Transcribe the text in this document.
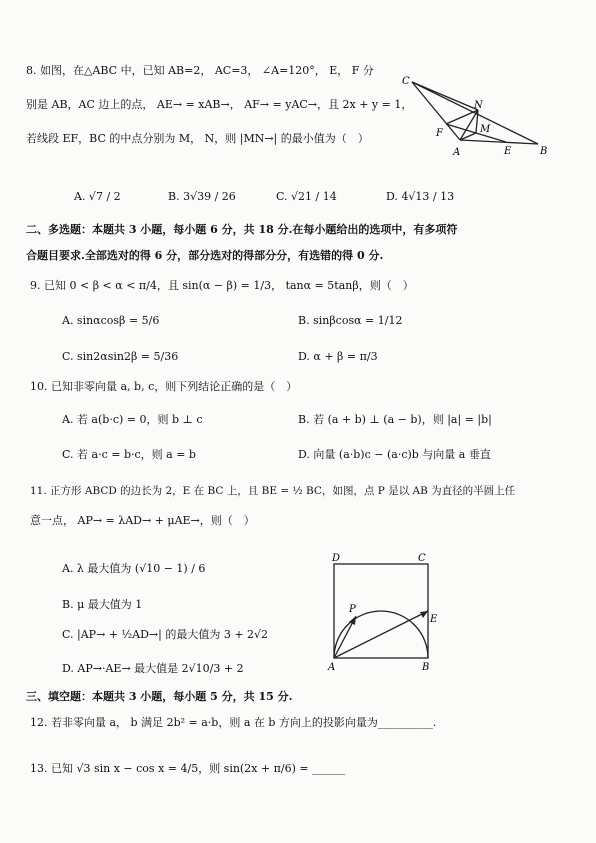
8. 如图，在△ABC 中，已知 AB=2， AC=3， ∠A=120°， E， F 分
别是 AB，AC 边上的点， AE→ = xAB→， AF→ = yAC→，且 2x + y = 1，
若线段 EF，BC 的中点分别为 M， N，则 |MN→| 的最小值为（　）
C
N
M
F
A	E	B
A. √7 / 2	B. 3√39 / 26	C. √21 / 14	D. 4√13 / 13
二、多选题：本题共 3 小题，每小题 6 分，共 18 分.在每小题给出的选项中，有多项符
合题目要求.全部选对的得 6 分，部分选对的得部分分，有选错的得 0 分.
9. 已知 0 < β < α < π/4，且 sin(α − β) = 1/3， tanα = 5tanβ，则（　）
A. sinαcosβ = 5/6	B. sinβcosα = 1/12
C. sin2αsin2β = 5/36	D. α + β = π/3
10. 已知非零向量 a, b, c，则下列结论正确的是（　）
A. 若 a(b·c) = 0，则 b ⊥ c	B. 若 (a + b) ⊥ (a − b)，则 |a| = |b|
C. 若 a·c = b·c，则 a = b	D. 向量 (a·b)c − (a·c)b 与向量 a 垂直
11. 正方形 ABCD 的边长为 2，E 在 BC 上，且 BE = ½ BC，如图，点 P 是以 AB 为直径的半圆上任
意一点， AP→ = λAD→ + μAE→，则（　）
A. λ 最大值为 (√10 − 1) / 6
B. μ 最大值为 1
C. |AP→ + ½AD→| 的最大值为 3 + 2√2
D. AP→·AE→ 最大值是 2√10/3 + 2
D	C
P
E
A	B
三、填空题：本题共 3 小题，每小题 5 分，共 15 分.
12. 若非零向量 a， b 满足 2b² = a·b，则 a 在 b 方向上的投影向量为__________.
13. 已知 √3 sin x − cos x = 4/5，则 sin(2x + π/6) = ______
